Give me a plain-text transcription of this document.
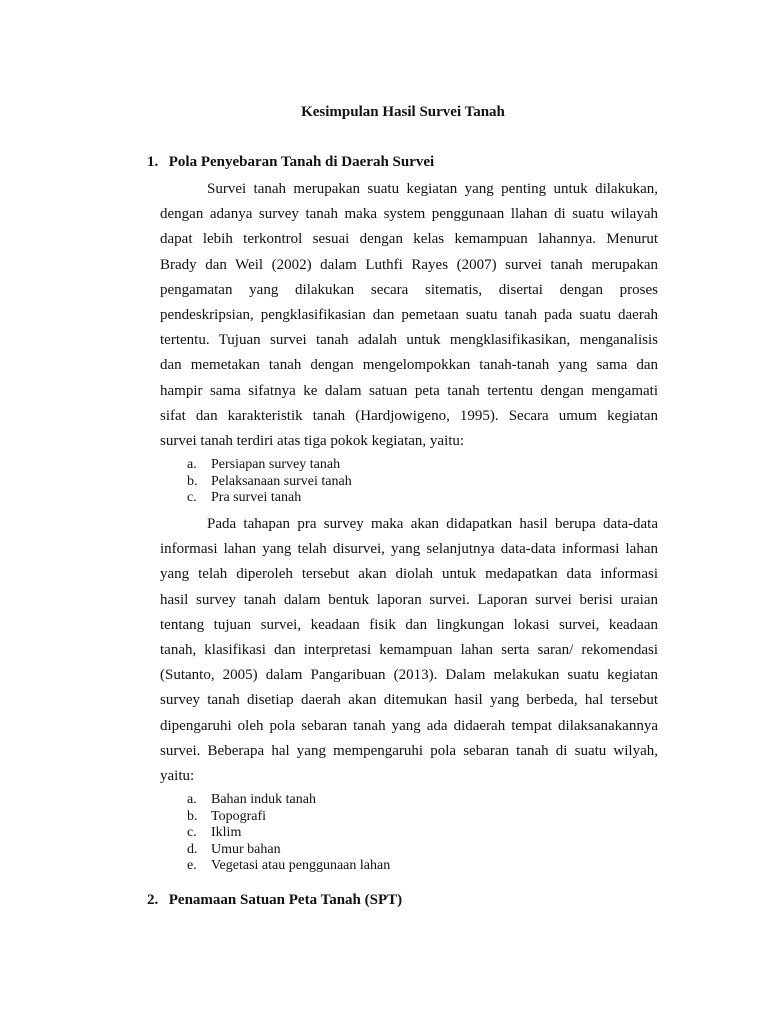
Kesimpulan Hasil Survei Tanah
1. Pola Penyebaran Tanah di Daerah Survei
Survei tanah merupakan suatu kegiatan yang penting untuk dilakukan,
dengan adanya survey tanah maka system penggunaan llahan di suatu wilayah
dapat lebih terkontrol sesuai dengan kelas kemampuan lahannya. Menurut
Brady dan Weil (2002) dalam Luthfi Rayes (2007) survei tanah merupakan
pengamatan yang dilakukan secara sitematis, disertai dengan proses
pendeskripsian, pengklasifikasian dan pemetaan suatu tanah pada suatu daerah
tertentu. Tujuan survei tanah adalah untuk mengklasifikasikan, menganalisis
dan memetakan tanah dengan mengelompokkan tanah-tanah yang sama dan
hampir sama sifatnya ke dalam satuan peta tanah tertentu dengan mengamati
sifat dan karakteristik tanah (Hardjowigeno, 1995). Secara umum kegiatan
survei tanah terdiri atas tiga pokok kegiatan, yaitu:
a. Persiapan survey tanah
b. Pelaksanaan survei tanah
c. Pra survei tanah
Pada tahapan pra survey maka akan didapatkan hasil berupa data-data
informasi lahan yang telah disurvei, yang selanjutnya data-data informasi lahan
yang telah diperoleh tersebut akan diolah untuk medapatkan data informasi
hasil survey tanah dalam bentuk laporan survei. Laporan survei berisi uraian
tentang tujuan survei, keadaan fisik dan lingkungan lokasi survei, keadaan
tanah, klasifikasi dan interpretasi kemampuan lahan serta saran/ rekomendasi
(Sutanto, 2005) dalam Pangaribuan (2013). Dalam melakukan suatu kegiatan
survey tanah disetiap daerah akan ditemukan hasil yang berbeda, hal tersebut
dipengaruhi oleh pola sebaran tanah yang ada didaerah tempat dilaksanakannya
survei. Beberapa hal yang mempengaruhi pola sebaran tanah di suatu wilyah,
yaitu:
a. Bahan induk tanah
b. Topografi
c. Iklim
d. Umur bahan
e. Vegetasi atau penggunaan lahan
2. Penamaan Satuan Peta Tanah (SPT)
